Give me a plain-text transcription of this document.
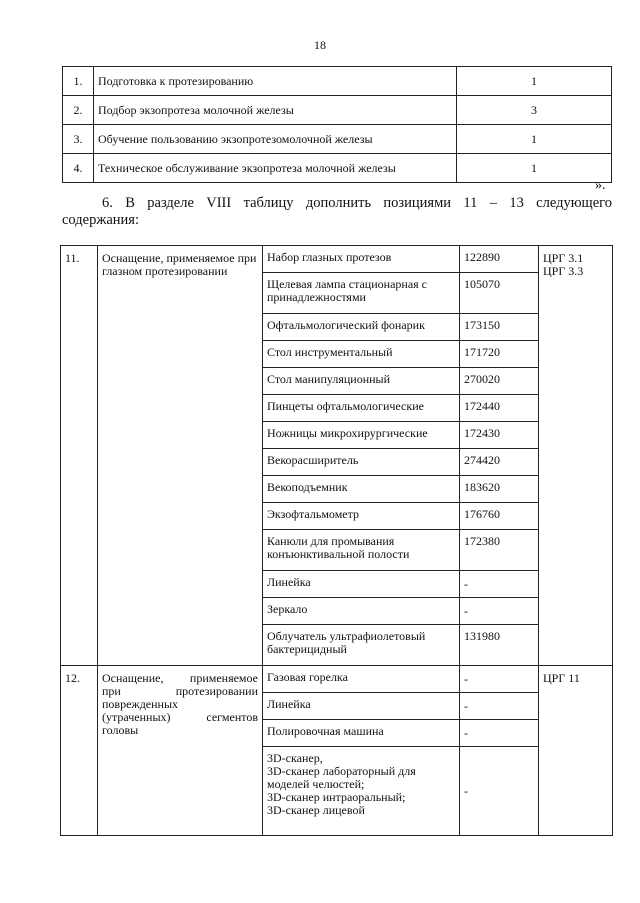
18
1.	Подготовка к протезированию	1
2.	Подбор экзопротеза молочной железы	3
3.	Обучение пользованию экзопротезомолочной железы	1
4.	Техническое обслуживание экзопротеза молочной железы	1
».
6. В разделе VIII таблицу дополнить позициями 11 – 13 следующего
содержания:
11.	Оснащение, применяемое при глазном протезировании	Набор глазных протезов	122890	ЦРГ 3.1
ЦРГ 3.3

		Щелевая лампа стационарная с принадлежностями	105070	
		Офтальмологический фонарик	173150	
		Стол инструментальный	171720	
		Стол манипуляционный	270020	
		Пинцеты офтальмологические	172440	
		Ножницы микрохирургические	172430	
		Векорасширитель	274420	
		Векоподъемник	183620	
		Экзофтальмометр	176760	
		Канюли для промывания конъюнктивальной полости	172380	
		Линейка	-	
		Зеркало	-	
		Облучатель ультрафиолетовый бактерицидный	131980	
12.	Оснащение, применяемое
при протезировании
поврежденных
(утраченных) сегментов
головы	Газовая горелка	-	ЦРГ 11
		Линейка	-	
		Полировочная машина	-	

		3D-сканер,
3D-сканер лабораторный для моделей челюстей;
3D-сканер интраоральный;
3D-сканер лицевой	-	
